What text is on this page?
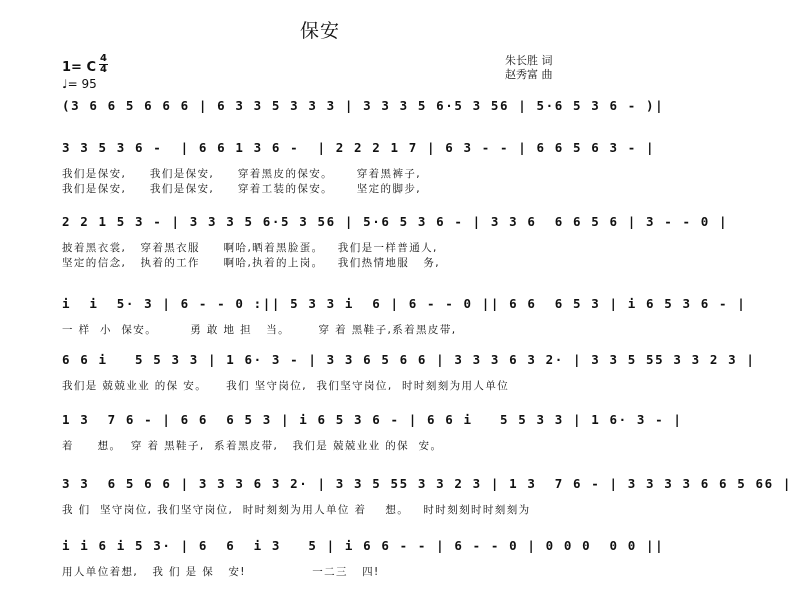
保安
朱长胜 词
赵秀富 曲
1= C
4
4
♩= 95
(3 6 6 5 6 6 6 | 6 3 3 5 3 3 3 | 3 3 3 5 6·5 3 56 | 5·6 5 3 6 - )|
3 3 5 3 6 -  | 6 6 1 3 6 -  | 2 2 2 1 7 | 6 3 - - | 6 6 5 6 3 - |
我们是保安,     我们是保安,     穿着黑皮的保安。     穿着黑裤子,
我们是保安,     我们是保安,     穿着工装的保安。     坚定的脚步,
2 2 1 5 3 - | 3 3 3 5 6·5 3 56 | 5·6 5 3 6 - | 3 3 6  6 6 5 6 | 3 - - 0 |
披着黑衣裳,   穿着黑衣服     啊哈,晒着黑脸蛋。   我们是一样普通人,
坚定的信念,   执着的工作     啊哈,执着的上岗。   我们热情地服   务,
i  i  5· 3 | 6 - - 0 :|| 5 3 3 i  6 | 6 - - 0 || 6 6  6 5 3 | i 6 5 3 6 - |
一 样  小  保安。       勇 敢 地 担   当。      穿 着 黑鞋子,系着黑皮带,
6 6 i   5 5 3 3 | 1 6· 3 - | 3 3 6 5 6 6 | 3 3 3 6 3 2· | 3 3 5 55 3 3 2 3 |
我们是 兢兢业业 的保 安。    我们 坚守岗位,  我们坚守岗位,  时时刻刻为用人单位
1 3  7 6 - | 6 6  6 5 3 | i 6 5 3 6 - | 6 6 i   5 5 3 3 | 1 6· 3 - |
着     想。  穿 着 黑鞋子,  系着黑皮带,   我们是 兢兢业业 的保  安。
3 3  6 5 6 6 | 3 3 3 6 3 2· | 3 3 5 55 3 3 2 3 | 1 3  7 6 - | 3 3 3 3 6 6 5 66 |
我 们  坚守岗位, 我们坚守岗位,  时时刻刻为用人单位 着    想。   时时刻刻时时刻刻为
i i 6 i 5 3· | 6  6  i 3   5 | i 6 6 - - | 6 - - 0 | 0 0 0  0 0 ||
用人单位着想,   我 们 是 保   安!              一二三   四!
